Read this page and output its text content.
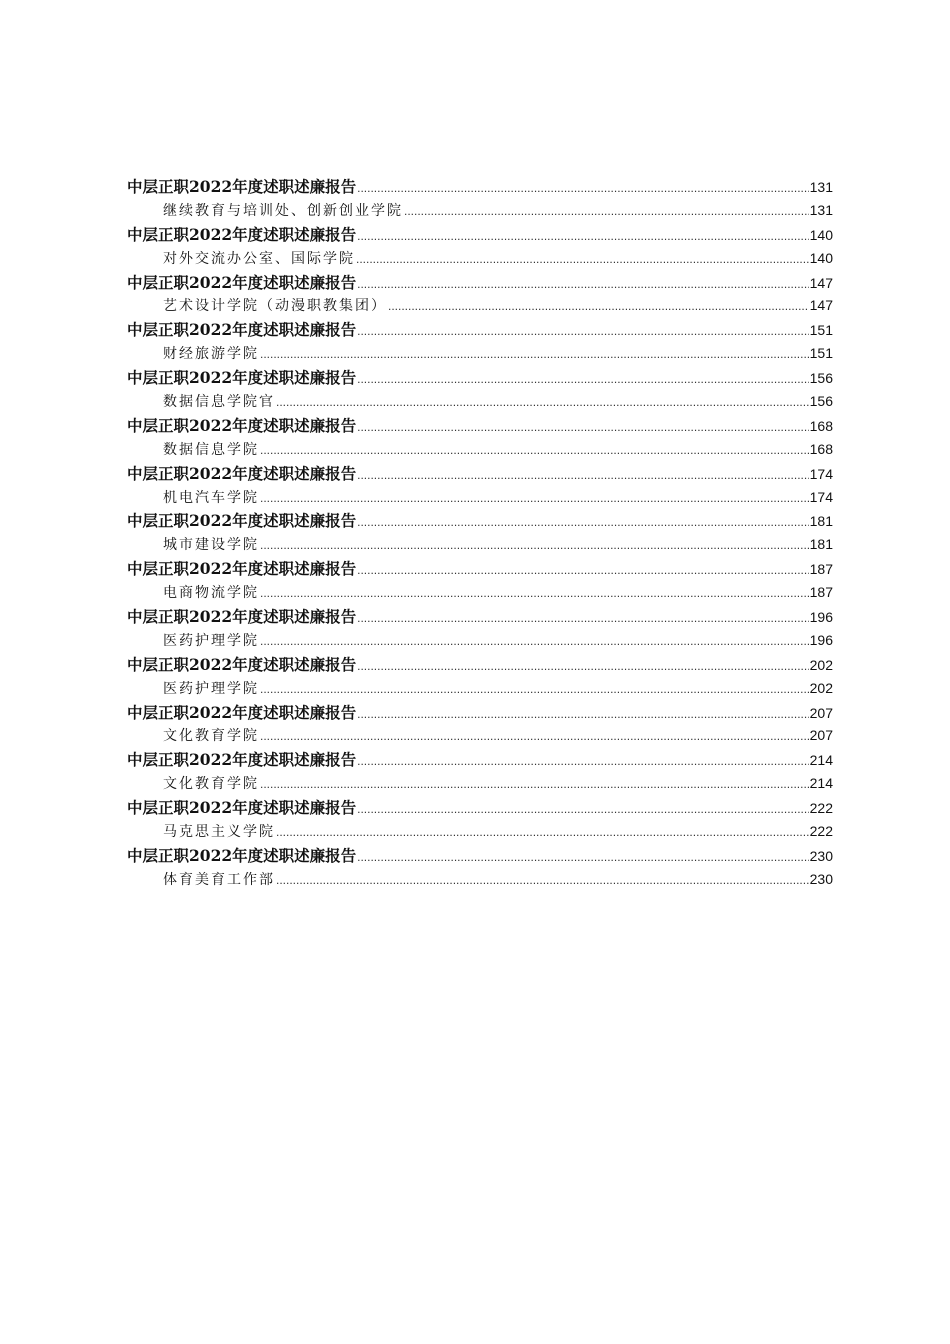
中层正职2022年度述职述廉报告 .....	131
继续教育与培训处、创新创业学院 .....	131
中层正职2022年度述职述廉报告 .....	140
对外交流办公室、国际学院 .....	140
中层正职2022年度述职述廉报告 .....	147
艺术设计学院（动漫职教集团） .....	147
中层正职2022年度述职述廉报告 .....	151
财经旅游学院 .....	151
中层正职2022年度述职述廉报告 .....	156
数据信息学院官 .....	156
中层正职2022年度述职述廉报告 .....	168
数据信息学院 .....	168
中层正职2022年度述职述廉报告 .....	174
机电汽车学院 .....	174
中层正职2022年度述职述廉报告 .....	181
城市建设学院 .....	181
中层正职2022年度述职述廉报告 .....	187
电商物流学院 .....	187
中层正职2022年度述职述廉报告 .....	196
医药护理学院 .....	196
中层正职2022年度述职述廉报告 .....	202
医药护理学院 .....	202
中层正职2022年度述职述廉报告 .....	207
文化教育学院 .....	207
中层正职2022年度述职述廉报告 .....	214
文化教育学院 .....	214
中层正职2022年度述职述廉报告 .....	222
马克思主义学院 .....	222
中层正职2022年度述职述廉报告 .....	230
体育美育工作部 .....	230
